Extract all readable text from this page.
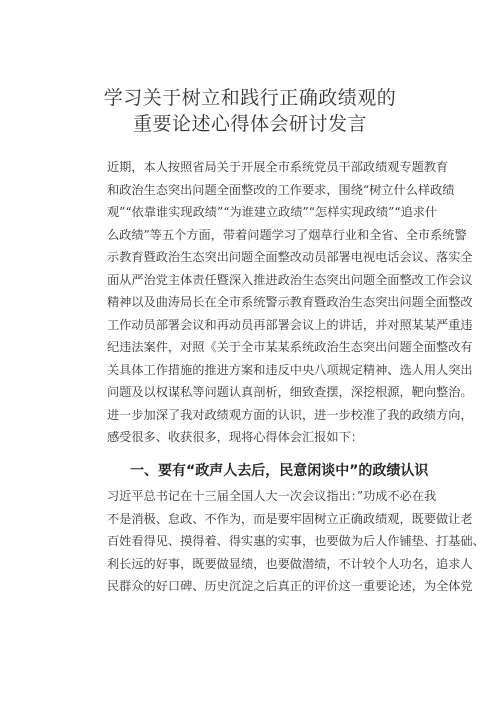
学习关于树立和践行正确政绩观的
重要论述心得体会研讨发言
近期，本人按照省局关于开展全市系统党员干部政绩观专题教育
和政治生态突出问题全面整改的工作要求，围绕“树立什么样政绩
观”“依靠谁实现政绩”“为谁建立政绩”“怎样实现政绩”“追求什
么政绩”等五个方面，带着问题学习了烟草行业和全省、全市系统警
示教育暨政治生态突出问题全面整改动员部署电视电话会议、落实全
面从严治党主体责任暨深入推进政治生态突出问题全面整改工作会议
精神以及曲涛局长在全市系统警示教育暨政治生态突出问题全面整改
工作动员部署会议和再动员再部署会议上的讲话，并对照某某严重违
纪违法案件，对照《关于全市某某系统政治生态突出问题全面整改有
关具体工作措施的推进方案和违反中央八项规定精神、选人用人突出
问题及以权谋私等问题认真剖析，细致查摆，深挖根源，靶向整治。
进一步加深了我对政绩观方面的认识，进一步校准了我的政绩方向，
感受很多、收获很多，现将心得体会汇报如下：
一、要有“政声人去后，民意闲谈中”的政绩认识
习近平总书记在十三届全国人大一次会议指出：”功成不必在我
不是消极、怠政、不作为，而是要牢固树立正确政绩观，既要做让老
百姓看得见、摸得着、得实惠的实事，也要做为后人作铺垫、打基础、
利长远的好事，既要做显绩，也要做潜绩，不计较个人功名，追求人
民群众的好口碑、历史沉淀之后真正的评价这一重要论述，为全体党
